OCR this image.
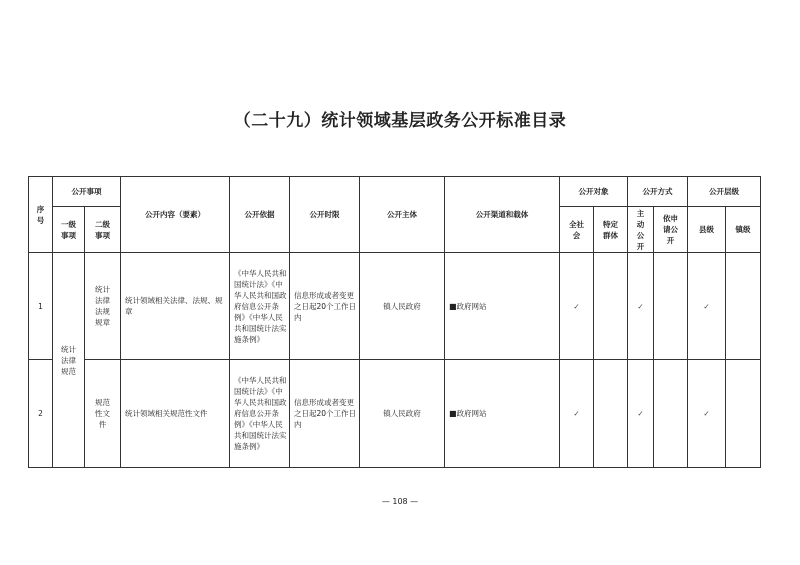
（二十九）统计领域基层政务公开标准目录
序号	公开事项		公开内容（要素）	公开依据	公开时限	公开主体	公开渠道和载体	公开对象		公开方式		公开层级	
	一级事项	二级事项						全社会	特定群体	主动公开	依申请公开	县级	镇级
1	统计法律规范	统计法律法规规章	统计领域相关法律、法规、规章	《中华人民共和国统计法》《中华人民共和国政府信息公开条例》《中华人民共和国统计法实施条例》	信息形成或者变更之日起20个工作日内	镇人民政府	■政府网站	✓		✓		✓	
2		规范性文件	统计领域相关规范性文件	《中华人民共和国统计法》《中华人民共和国政府信息公开条例》《中华人民共和国统计法实施条例》	信息形成或者变更之日起20个工作日内	镇人民政府	■政府网站	✓		✓		✓	
— 108 —
